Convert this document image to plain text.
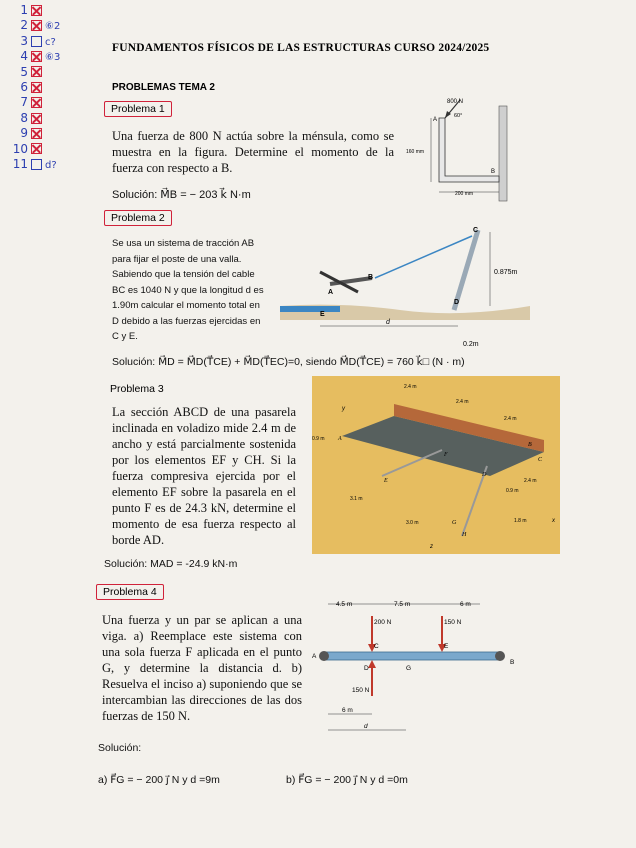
1
2 ⑥2
3 c?
4 ⑥3
5
6
7
8
9
10
11 d?
FUNDAMENTOS FÍSICOS DE LAS ESTRUCTURAS CURSO 2024/2025
PROBLEMAS TEMA 2
Problema 1
Una fuerza de 800 N actúa sobre la ménsula, como se muestra en la figura. Determine el momento de la fuerza con respecto a B.
Solución: M⃗B = − 203 k⃗ N·m
800 N
60°
A
B
160 mm
200 mm
Problema 2
Se usa un sistema de tracción AB para fijar el poste de una valla. Sabiendo que la tensión del cable BC es 1040 N y que la longitud d es 1.90m calcular el momento total en D debido a las fuerzas ejercidas en C y E.
0.875m
C
B
A
E
D
d
0.2m
Solución: M⃗D = M⃗D(T⃗CE) + M⃗D(T⃗EC)=0, siendo M⃗D(T⃗CE) = 760 k⃗□ (N · m)
Problema 3
La sección ABCD de una pasarela inclinada en voladizo mide 2.4 m de ancho y está parcialmente sostenida por los elementos EF y CH. Si la fuerza compresiva ejercida por el elemento EF sobre la pasarela en el punto F es de 24.3 kN, determine el momento de esa fuerza respecto al borde AD.
2.4 m
2.4 m
2.4 m
2.4 m
0.9 m
0.9 m
3.1 m
3.0 m	1.8 m
y
x
z
A
B
C
D
E
F
G
H
Solución: MAD = -24.9 kN·m
Problema 4
Una fuerza y un par se aplican a una viga. a) Reemplace este sistema con una sola fuerza F aplicada en el punto G, y determine la distancia d. b) Resuelva el inciso a) suponiendo que se intercambian las direcciones de las dos fuerzas de 150 N.
4.5 m	7.5 m	6 m
200 N	150 N
150 N
6 m
d
A
B
C
D
E
G
Solución:
a) F⃗G = − 200 j⃗ N y d =9m	b) F⃗G = − 200 j⃗ N y d =0m
